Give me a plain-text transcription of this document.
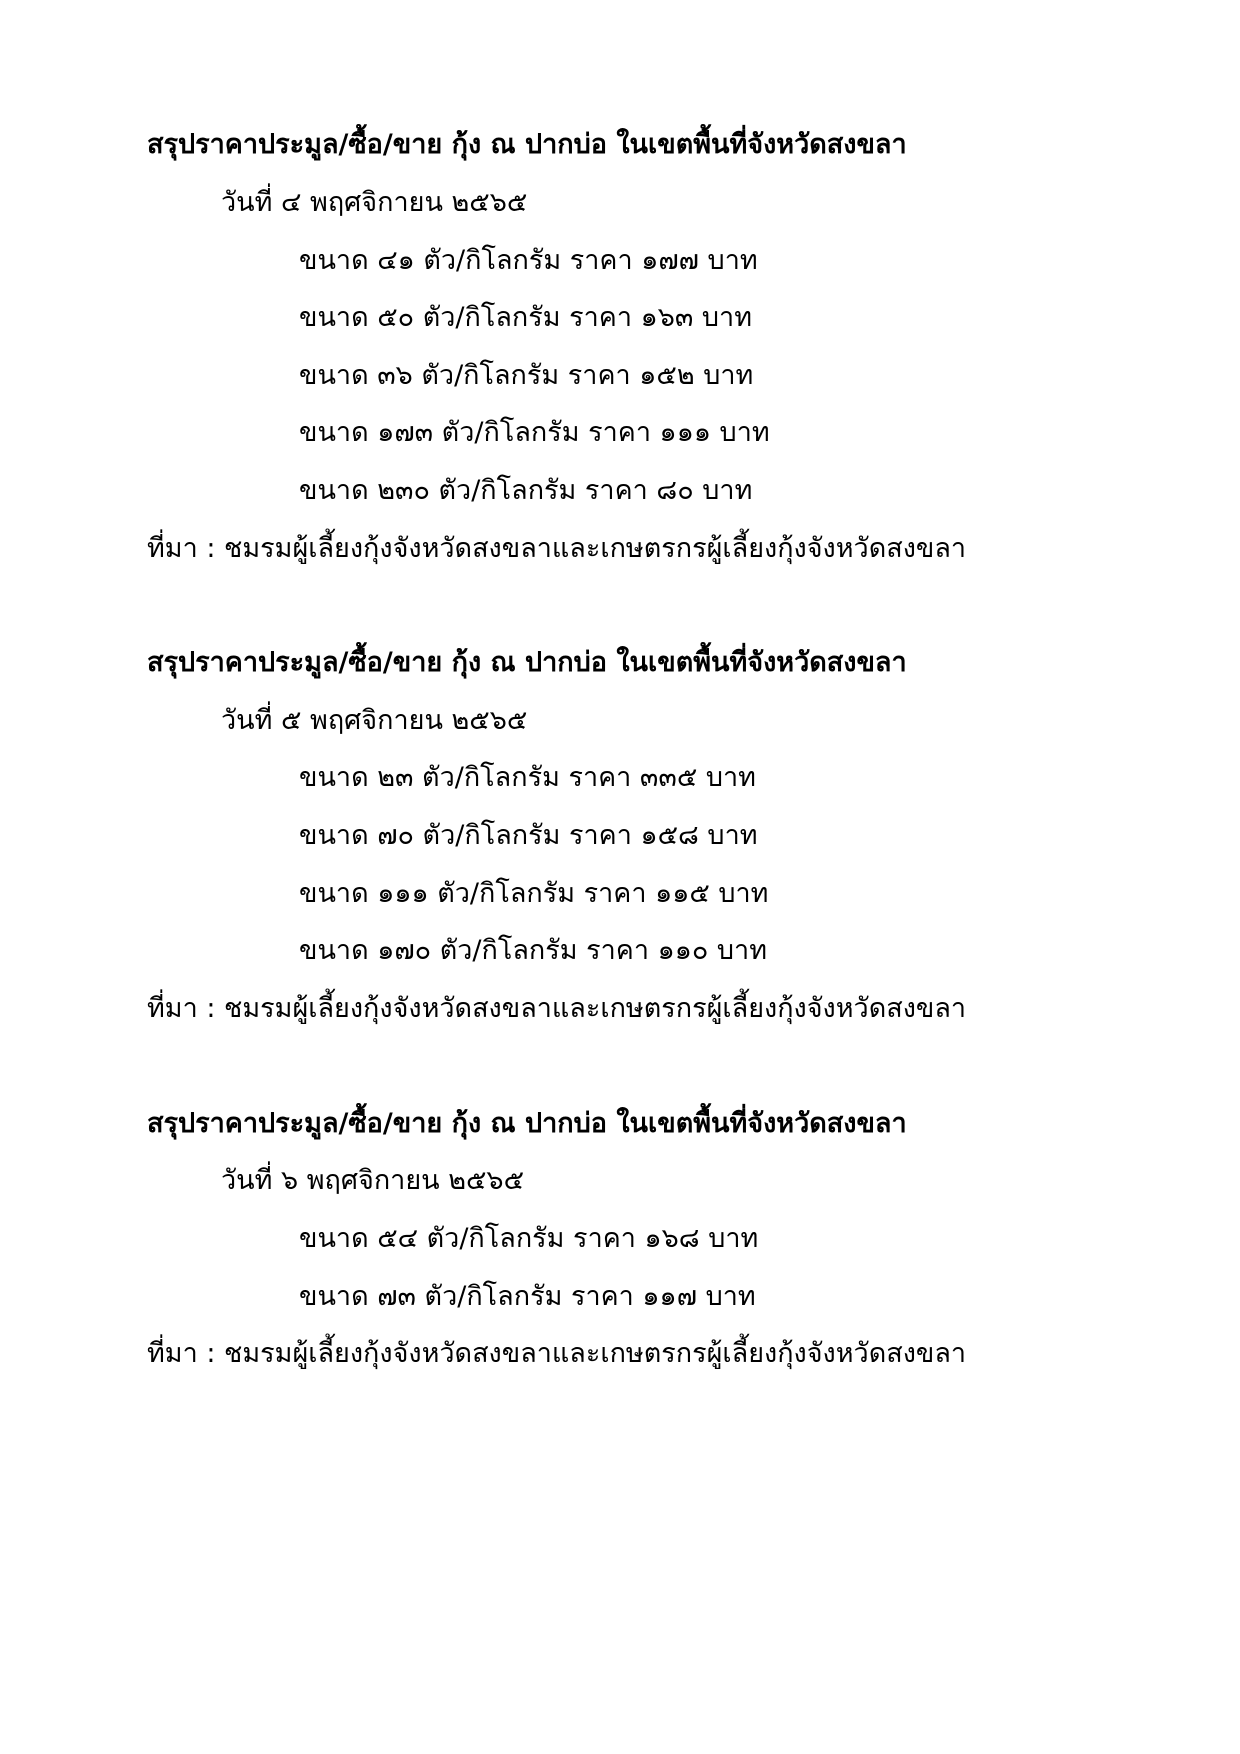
สรุปราคาประมูล/ซื้อ/ขาย กุ้ง ณ ปากบ่อ ในเขตพื้นที่จังหวัดสงขลา
วันที่ ๔ พฤศจิกายน ๒๕๖๕
ขนาด ๔๑ ตัว/กิโลกรัม ราคา ๑๗๗ บาท
ขนาด ๕๐ ตัว/กิโลกรัม ราคา ๑๖๓ บาท
ขนาด ๓๖ ตัว/กิโลกรัม ราคา ๑๕๒ บาท
ขนาด ๑๗๓ ตัว/กิโลกรัม ราคา ๑๑๑ บาท
ขนาด ๒๓๐ ตัว/กิโลกรัม ราคา ๘๐ บาท
ที่มา : ชมรมผู้เลี้ยงกุ้งจังหวัดสงขลาและเกษตรกรผู้เลี้ยงกุ้งจังหวัดสงขลา
สรุปราคาประมูล/ซื้อ/ขาย กุ้ง ณ ปากบ่อ ในเขตพื้นที่จังหวัดสงขลา
วันที่ ๕ พฤศจิกายน ๒๕๖๕
ขนาด ๒๓ ตัว/กิโลกรัม ราคา ๓๓๕ บาท
ขนาด ๗๐ ตัว/กิโลกรัม ราคา ๑๕๘ บาท
ขนาด ๑๑๑ ตัว/กิโลกรัม ราคา ๑๑๕ บาท
ขนาด ๑๗๐ ตัว/กิโลกรัม ราคา ๑๑๐ บาท
ที่มา : ชมรมผู้เลี้ยงกุ้งจังหวัดสงขลาและเกษตรกรผู้เลี้ยงกุ้งจังหวัดสงขลา
สรุปราคาประมูล/ซื้อ/ขาย กุ้ง ณ ปากบ่อ ในเขตพื้นที่จังหวัดสงขลา
วันที่ ๖ พฤศจิกายน ๒๕๖๕
ขนาด ๕๔ ตัว/กิโลกรัม ราคา ๑๖๘ บาท
ขนาด ๗๓ ตัว/กิโลกรัม ราคา ๑๑๗ บาท
ที่มา : ชมรมผู้เลี้ยงกุ้งจังหวัดสงขลาและเกษตรกรผู้เลี้ยงกุ้งจังหวัดสงขลา
